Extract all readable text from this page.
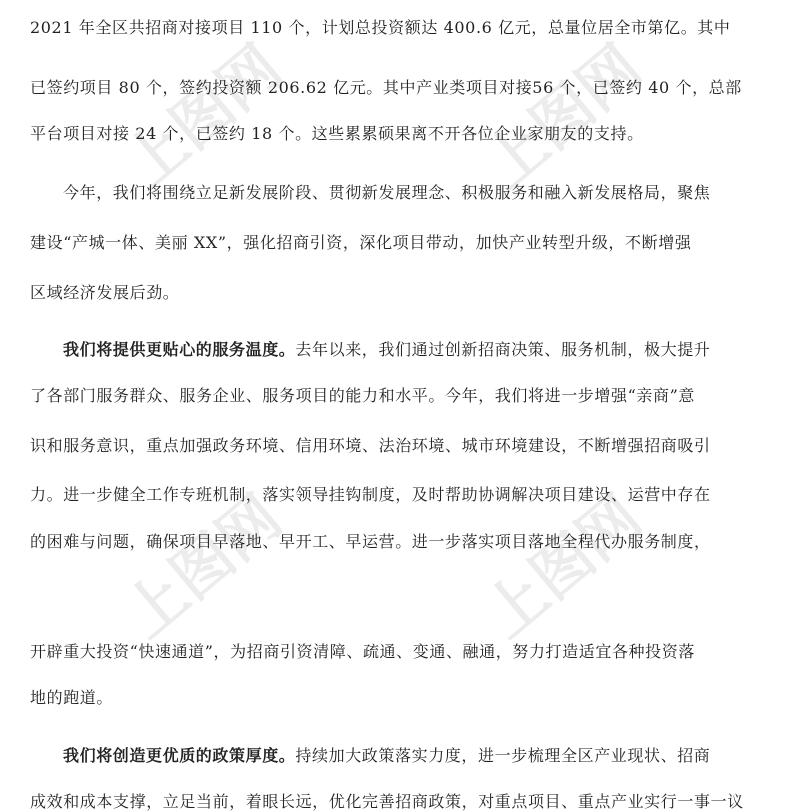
上图网	上图网
上图网	上图网

2021 年全区共招商对接项目 110 个，计划总投资额达 400.6 亿元，总量位居全市第亿。其中

已签约项目 80 个，签约投资额 206.62 亿元。其中产业类项目对接56 个，已签约 40 个，总部

平台项目对接 24 个，已签约 18 个。这些累累硕果离不开各位企业家朋友的支持。

今年，我们将围绕立足新发展阶段、贯彻新发展理念、积极服务和融入新发展格局，聚焦

建设“产城一体、美丽 XX”，强化招商引资，深化项目带动，加快产业转型升级，不断增强

区域经济发展后劲。

我们将提供更贴心的服务温度。去年以来，我们通过创新招商决策、服务机制，极大提升

了各部门服务群众、服务企业、服务项目的能力和水平。今年，我们将进一步增强“亲商”意

识和服务意识，重点加强政务环境、信用环境、法治环境、城市环境建设，不断增强招商吸引

力。进一步健全工作专班机制，落实领导挂钩制度，及时帮助协调解决项目建设、运营中存在

的困难与问题，确保项目早落地、早开工、早运营。进一步落实项目落地全程代办服务制度，

开辟重大投资“快速通道”，为招商引资清障、疏通、变通、融通，努力打造适宜各种投资落

地的跑道。

我们将创造更优质的政策厚度。持续加大政策落实力度，进一步梳理全区产业现状、招商

成效和成本支撑，立足当前，着眼长远，优化完善招商政策，对重点项目、重点产业实行一事一议
